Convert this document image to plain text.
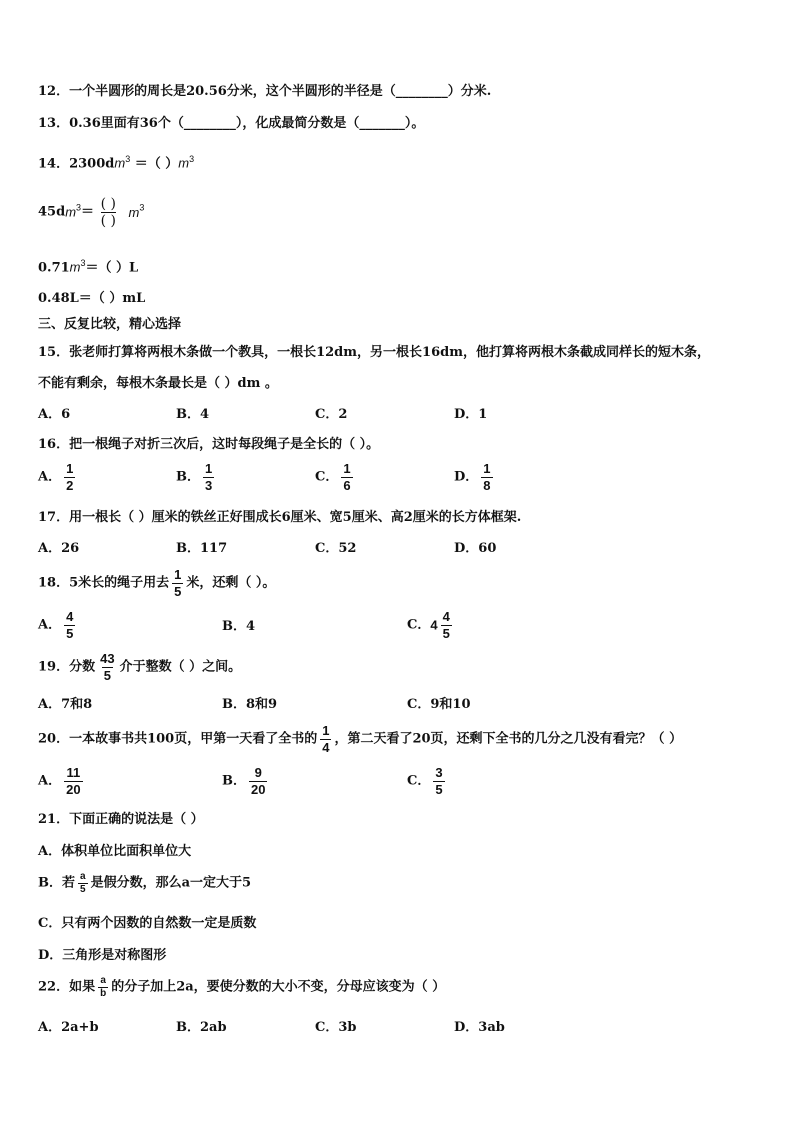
12．一个半圆形的周长是20.56分米，这个半圆形的半径是（________）分米.
13．0.36里面有36个（________），化成最简分数是（_______）。
14．$2300dm^3$ ＝（ ）$m^3$
$45dm^3= \frac{( )}{( )} m^3$
$0.71m^3=$（ ）L
0.48L＝（ ）mL
三、反复比较，精心选择
15．张老师打算将两根木条做一个教具，一根长12dm，另一根长16dm，他打算将两根木条截成同样长的短木条，
不能有剩余，每根木条最长是（ ）dm 。
A．6	B．4	C．2	D．1
16．把一根绳子对折三次后，这时每段绳子是全长的（ ）。
A． $\frac{1}{2}$	B． $\frac{1}{3}$	C． $\frac{1}{6}$	D． $\frac{1}{8}$
17．用一根长（ ）厘米的铁丝正好围成长6厘米、宽5厘米、高2厘米的长方体框架.
A．26	B．117	C．52	D．60
18．5米长的绳子用去 $\frac{1}{5}$ 米，还剩（ ）。
A． $\frac{4}{5}$	B．4	C．$4 \frac{4}{5}$
19．分数 $\frac{43}{5}$ 介于整数（ ）之间。
A．7和8	B．8和9	C．9和10
20．一本故事书共100页，甲第一天看了全书的 $\frac{1}{4}$ ，第二天看了20页，还剩下全书的几分之几没有看完？（ ）
A． $\frac{11}{20}$	B． $\frac{9}{20}$	C． $\frac{3}{5}$
21．下面正确的说法是（ ）
A．体积单位比面积单位大
B．若 $\frac{a}{5}$ 是假分数，那么a一定大于5
C．只有两个因数的自然数一定是质数
D．三角形是对称图形
22．如果 $\frac{a}{b}$ 的分子加上2a，要使分数的大小不变，分母应该变为（ ）
A．2a+b	B．2ab	C．3b	D．3ab
